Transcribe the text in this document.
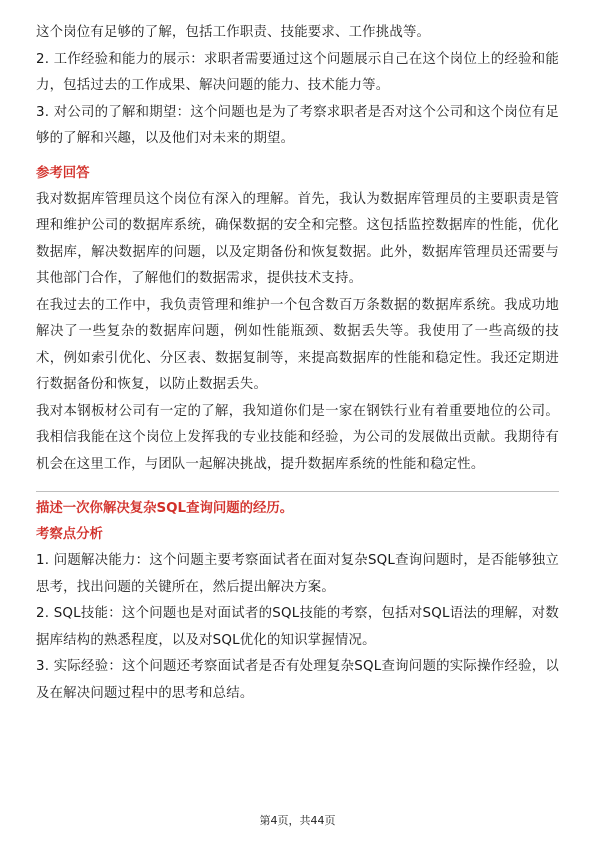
这个岗位有足够的了解，包括工作职责、技能要求、工作挑战等。

2. 工作经验和能力的展示：求职者需要通过这个问题展示自己在这个岗位上的经验和能力，包括过去的工作成果、解决问题的能力、技术能力等。

3. 对公司的了解和期望：这个问题也是为了考察求职者是否对这个公司和这个岗位有足够的了解和兴趣，以及他们对未来的期望。

参考回答

我对数据库管理员这个岗位有深入的理解。首先，我认为数据库管理员的主要职责是管理和维护公司的数据库系统，确保数据的安全和完整。这包括监控数据库的性能，优化数据库，解决数据库的问题，以及定期备份和恢复数据。此外，数据库管理员还需要与其他部门合作，了解他们的数据需求，提供技术支持。

在我过去的工作中，我负责管理和维护一个包含数百万条数据的数据库系统。我成功地解决了一些复杂的数据库问题，例如性能瓶颈、数据丢失等。我使用了一些高级的技术，例如索引优化、分区表、数据复制等，来提高数据库的性能和稳定性。我还定期进行数据备份和恢复，以防止数据丢失。

我对本钢板材公司有一定的了解，我知道你们是一家在钢铁行业有着重要地位的公司。我相信我能在这个岗位上发挥我的专业技能和经验，为公司的发展做出贡献。我期待有机会在这里工作，与团队一起解决挑战，提升数据库系统的性能和稳定性。

描述一次你解决复杂SQL查询问题的经历。

考察点分析

1. 问题解决能力：这个问题主要考察面试者在面对复杂SQL查询问题时，是否能够独立思考，找出问题的关键所在，然后提出解决方案。

2. SQL技能：这个问题也是对面试者的SQL技能的考察，包括对SQL语法的理解，对数据库结构的熟悉程度，以及对SQL优化的知识掌握情况。

3. 实际经验：这个问题还考察面试者是否有处理复杂SQL查询问题的实际操作经验，以及在解决问题过程中的思考和总结。

第4页，共44页
